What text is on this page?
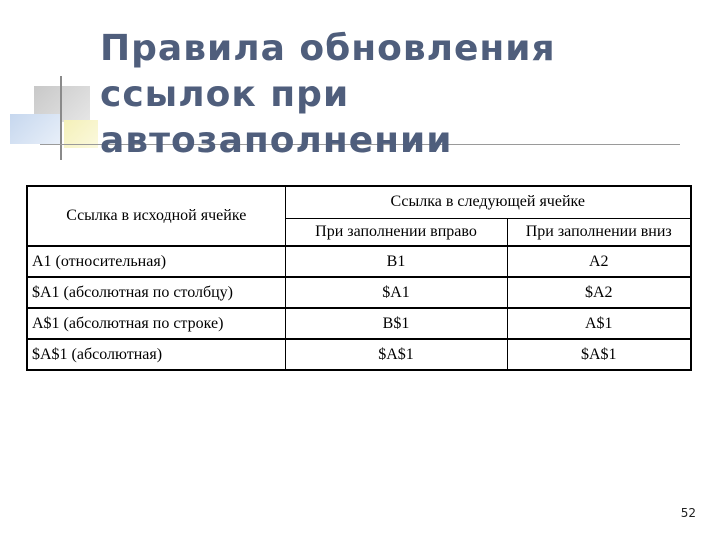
Правила обновления ссылок при автозаполнении
Ссылка в исходной ячейке	Ссылка в следующей ячейке	
	При заполнении вправо	При заполнении вниз
A1 (относительная)	B1	A2
$A1 (абсолютная по столбцу)	$A1	$A2
A$1 (абсолютная по строке)	B$1	A$1
$A$1 (абсолютная)	$A$1	$A$1
52
